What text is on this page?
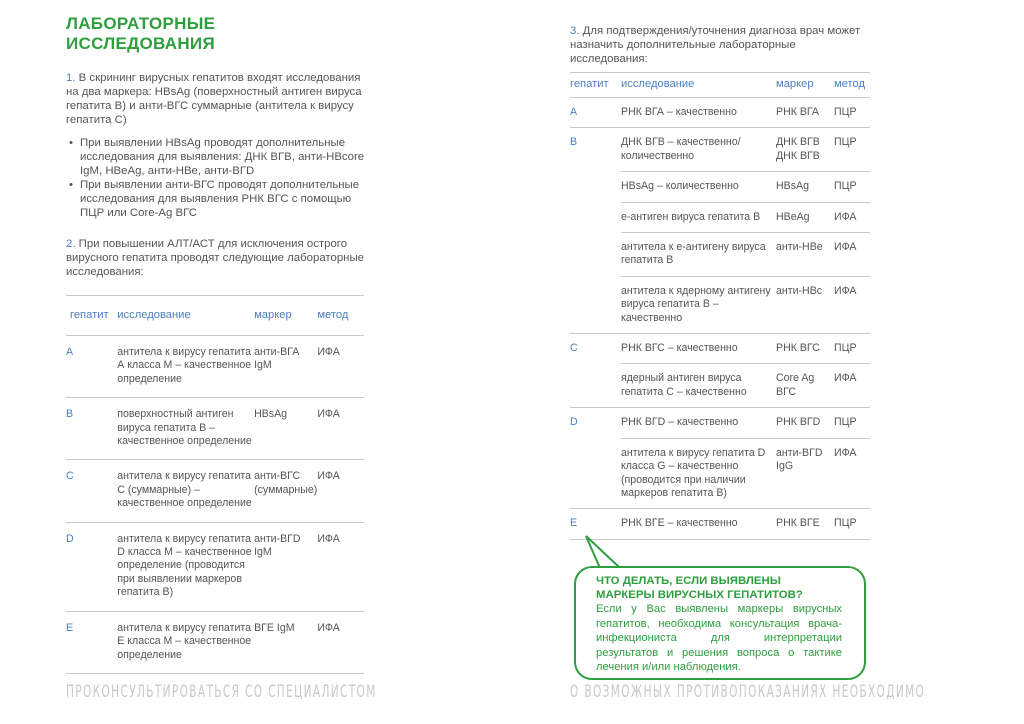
ЛАБОРАТОРНЫЕ ИССЛЕДОВАНИЯ

1. В скрининг вирусных гепатитов входят исследования на два маркера: HBsAg (поверхностный антиген вируса гепатита B) и анти-ВГС суммарные (антитела к вирусу гепатита C)

• При выявлении HBsAg проводят дополнительные исследования для выявления: ДНК ВГВ, анти-HBcore IgM, HBeAg, анти-HBe, анти-ВГD
• При выявлении анти-ВГС проводят дополнительные исследования для выявления РНК ВГС с помощью ПЦР или Core-Ag ВГС

2. При повышении АЛТ/АСТ для исключения острого вирусного гепатита проводят следующие лабораторные исследования:

гепатит	исследование	маркер	метод
A	антитела к вирусу гепатита А класса М – качественное определение	анти-ВГА IgM	ИФА
B	поверхностный антиген вируса гепатита В – качественное определение	HBsAg	ИФА
C	антитела к вирусу гепатита С (суммарные) – качественное определение	анти-ВГС (суммарные)	ИФА
D	антитела к вирусу гепатита D класса М – качественное определение (проводится при выявлении маркеров гепатита В)	анти-ВГD IgM	ИФА
E	антитела к вирусу гепатита Е класса М – качественное определение	ВГЕ IgM	ИФА
ПРОКОНСУЛЬТИРОВАТЬСЯ СО СПЕЦИАЛИСТОМ

3. Для подтверждения/уточнения диагноза врач может назначить дополнительные лабораторные исследования:

гепатит	исследование	маркер	метод
A	РНК ВГА – качественно	РНК ВГА	ПЦР
B	ДНК ВГВ – качественно/ количественно	ДНК ВГВ ДНК ВГВ	ПЦР
	HBsAg – количественно	HBsAg	ПЦР
	e-антиген вируса гепатита В	HBeAg	ИФА
	антитела к e-антигену вируса гепатита В	анти-HBe	ИФА
	антитела к ядерному антигену вируса гепатита В – качественно	анти-HBc	ИФА
C	РНК ВГС – качественно	РНК ВГС	ПЦР
	ядерный антиген вируса гепатита С – качественно	Core Ag ВГС	ИФА
D	РНК ВГD – качественно	РНК ВГD	ПЦР
	антитела к вирусу гепатита D класса G – качественно (проводится при наличии маркеров гепатита В)	анти-ВГD IgG	ИФА
E	РНК ВГЕ – качественно	РНК ВГЕ	ПЦР
ЧТО ДЕЛАТЬ, ЕСЛИ ВЫЯВЛЕНЫ МАРКЕРЫ ВИРУСНЫХ ГЕПАТИТОВ?
Если у Вас выявлены маркеры вирусных гепатитов, необходима консультация врача-инфекциониста для интерпретации результатов и решения вопроса о тактике лечения и/или наблюдения.
О ВОЗМОЖНЫХ ПРОТИВОПОКАЗАНИЯХ НЕОБХОДИМО
